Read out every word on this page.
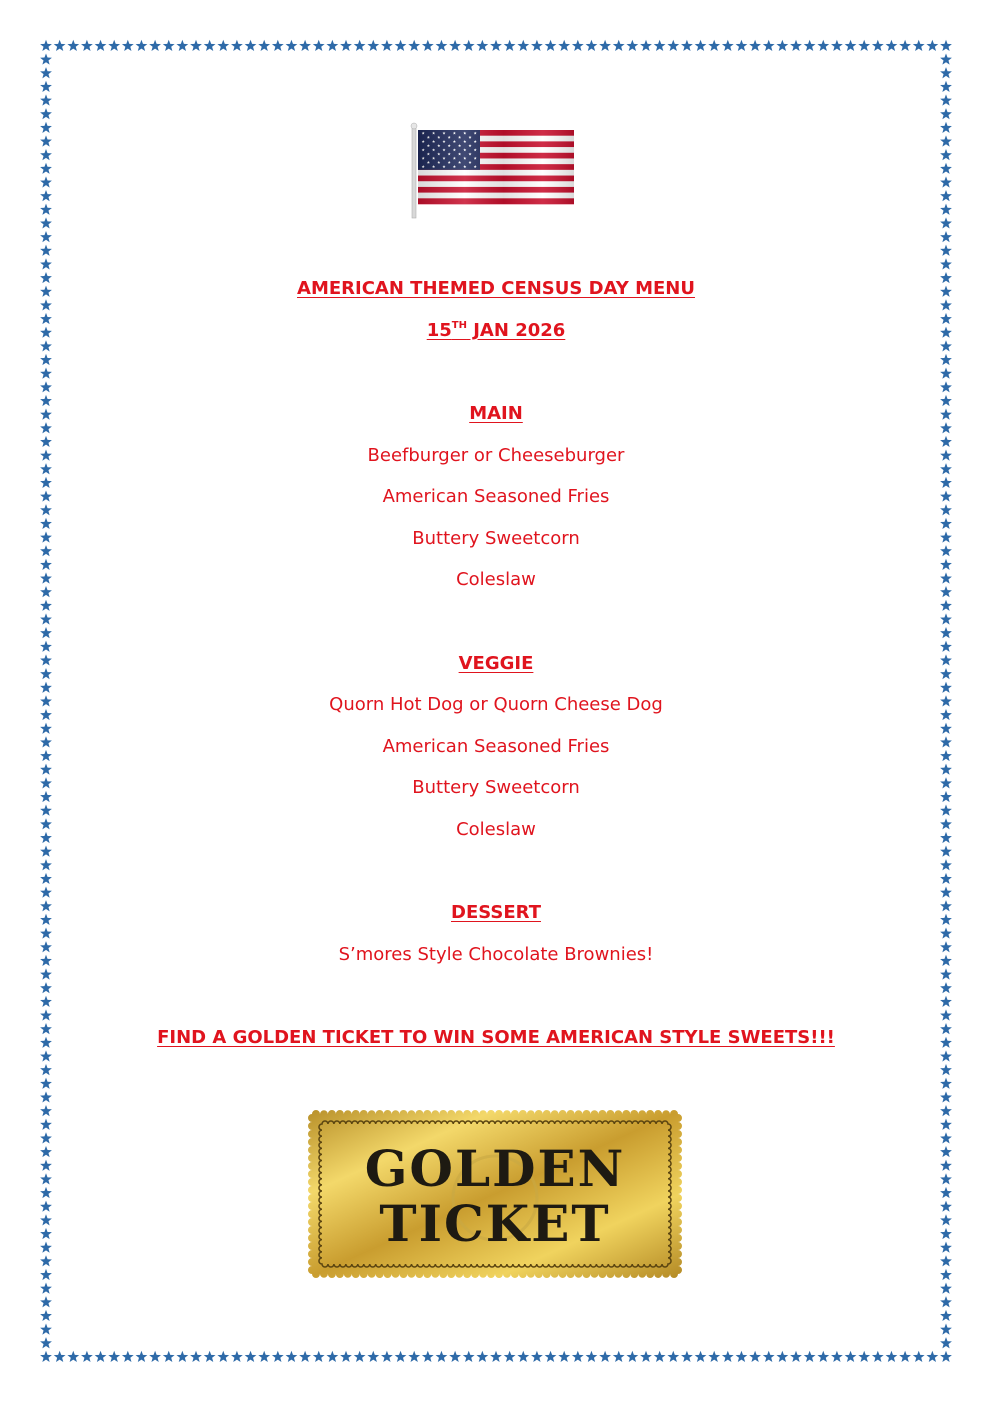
GOLDEN
TICKET
AMERICAN THEMED CENSUS DAY MENU
15TH JAN 2026
MAIN
Beefburger or Cheeseburger
American Seasoned Fries
Buttery Sweetcorn
Coleslaw
VEGGIE
Quorn Hot Dog or Quorn Cheese Dog
American Seasoned Fries
Buttery Sweetcorn
Coleslaw
DESSERT
S’mores Style Chocolate Brownies!
FIND A GOLDEN TICKET TO WIN SOME AMERICAN STYLE SWEETS!!!
